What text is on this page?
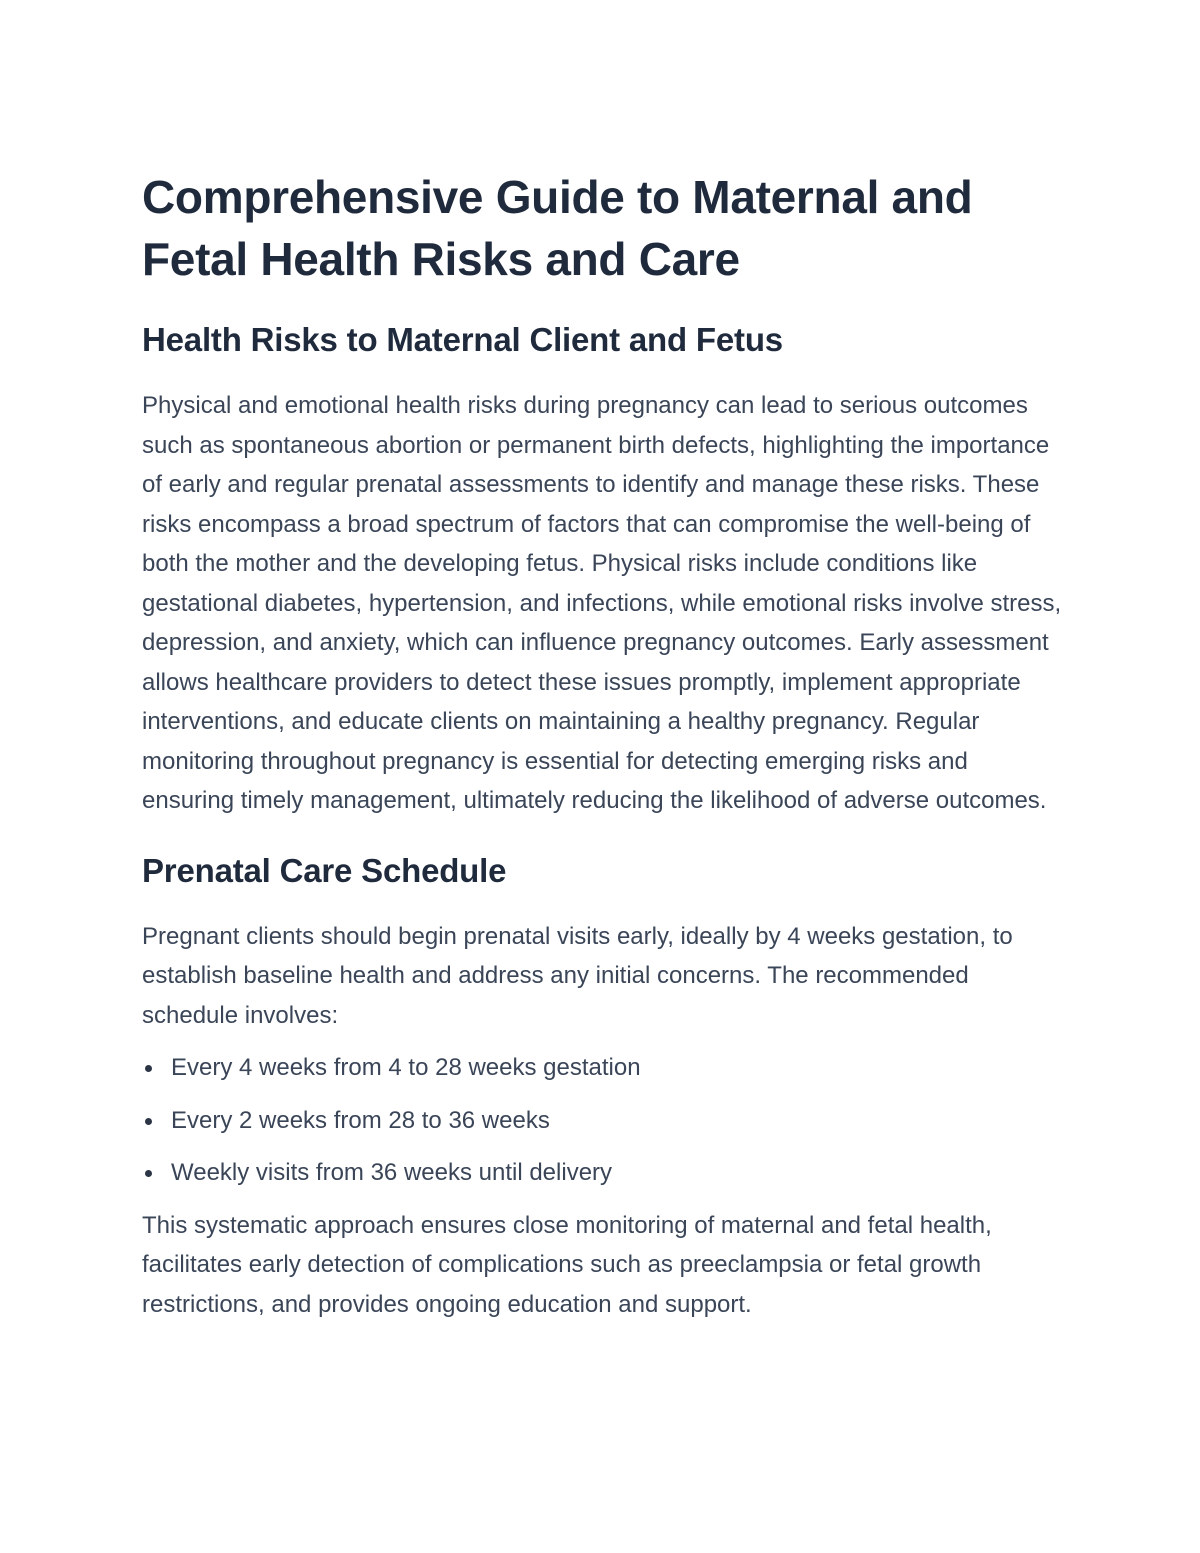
Comprehensive Guide to Maternal and Fetal Health Risks and Care
Health Risks to Maternal Client and Fetus

Physical and emotional health risks during pregnancy can lead to serious outcomes such as spontaneous abortion or permanent birth defects, highlighting the importance of early and regular prenatal assessments to identify and manage these risks. These risks encompass a broad spectrum of factors that can compromise the well-being of both the mother and the developing fetus. Physical risks include conditions like gestational diabetes, hypertension, and infections, while emotional risks involve stress, depression, and anxiety, which can influence pregnancy outcomes. Early assessment allows healthcare providers to detect these issues promptly, implement appropriate interventions, and educate clients on maintaining a healthy pregnancy. Regular monitoring throughout pregnancy is essential for detecting emerging risks and ensuring timely management, ultimately reducing the likelihood of adverse outcomes.

Prenatal Care Schedule

Pregnant clients should begin prenatal visits early, ideally by 4 weeks gestation, to establish baseline health and address any initial concerns. The recommended schedule involves:

Every 4 weeks from 4 to 28 weeks gestation
Every 2 weeks from 28 to 36 weeks
Weekly visits from 36 weeks until delivery

This systematic approach ensures close monitoring of maternal and fetal health, facilitates early detection of complications such as preeclampsia or fetal growth restrictions, and provides ongoing education and support.
